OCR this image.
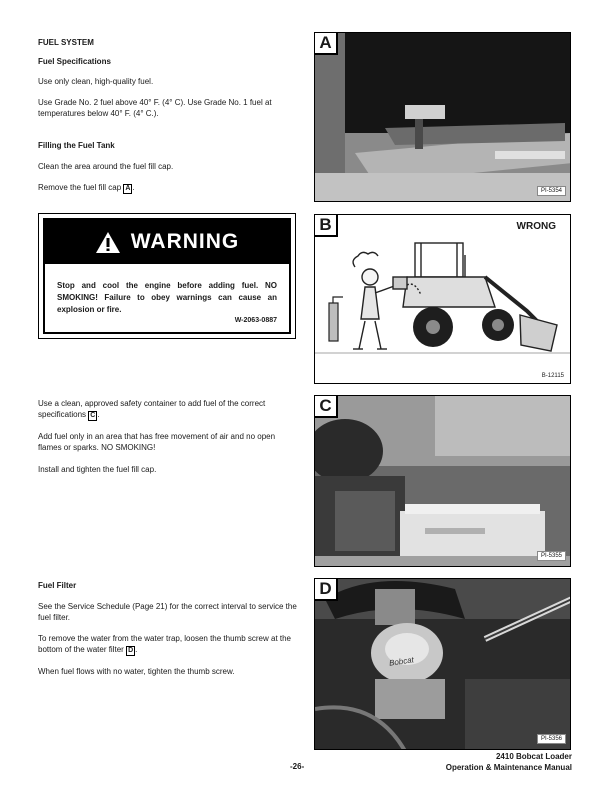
FUEL SYSTEM
Fuel Specifications
Use only clean, high-quality fuel.
Use Grade No. 2 fuel above 40° F. (4° C). Use Grade No. 1 fuel at temperatures below 40° F. (4° C.).
Filling the Fuel Tank
Clean the area around the fuel fill cap.
Remove the fuel fill cap A .
WARNING
Stop and cool the engine before adding fuel. NO SMOKING! Failure to obey warnings can cause an explosion or fire.
W-2063-0887
Use a clean, approved safety container to add fuel of the correct specifications C .
Add fuel only in an area that has free movement of air and no open flames or sparks. NO SMOKING!
Install and tighten the fuel fill cap.
Fuel Filter
See the Service Schedule (Page 21) for the correct interval to service the fuel filter.
To remove the water from the water trap, loosen the thumb screw at the bottom of the water filter D .
When fuel flows with no water, tighten the thumb screw.
A
PI-5354
B	WRONG
B-12115
C
PI-5355
D
Bobcat
PI-5356
-26-
2410 Bobcat Loader
Operation & Maintenance Manual
